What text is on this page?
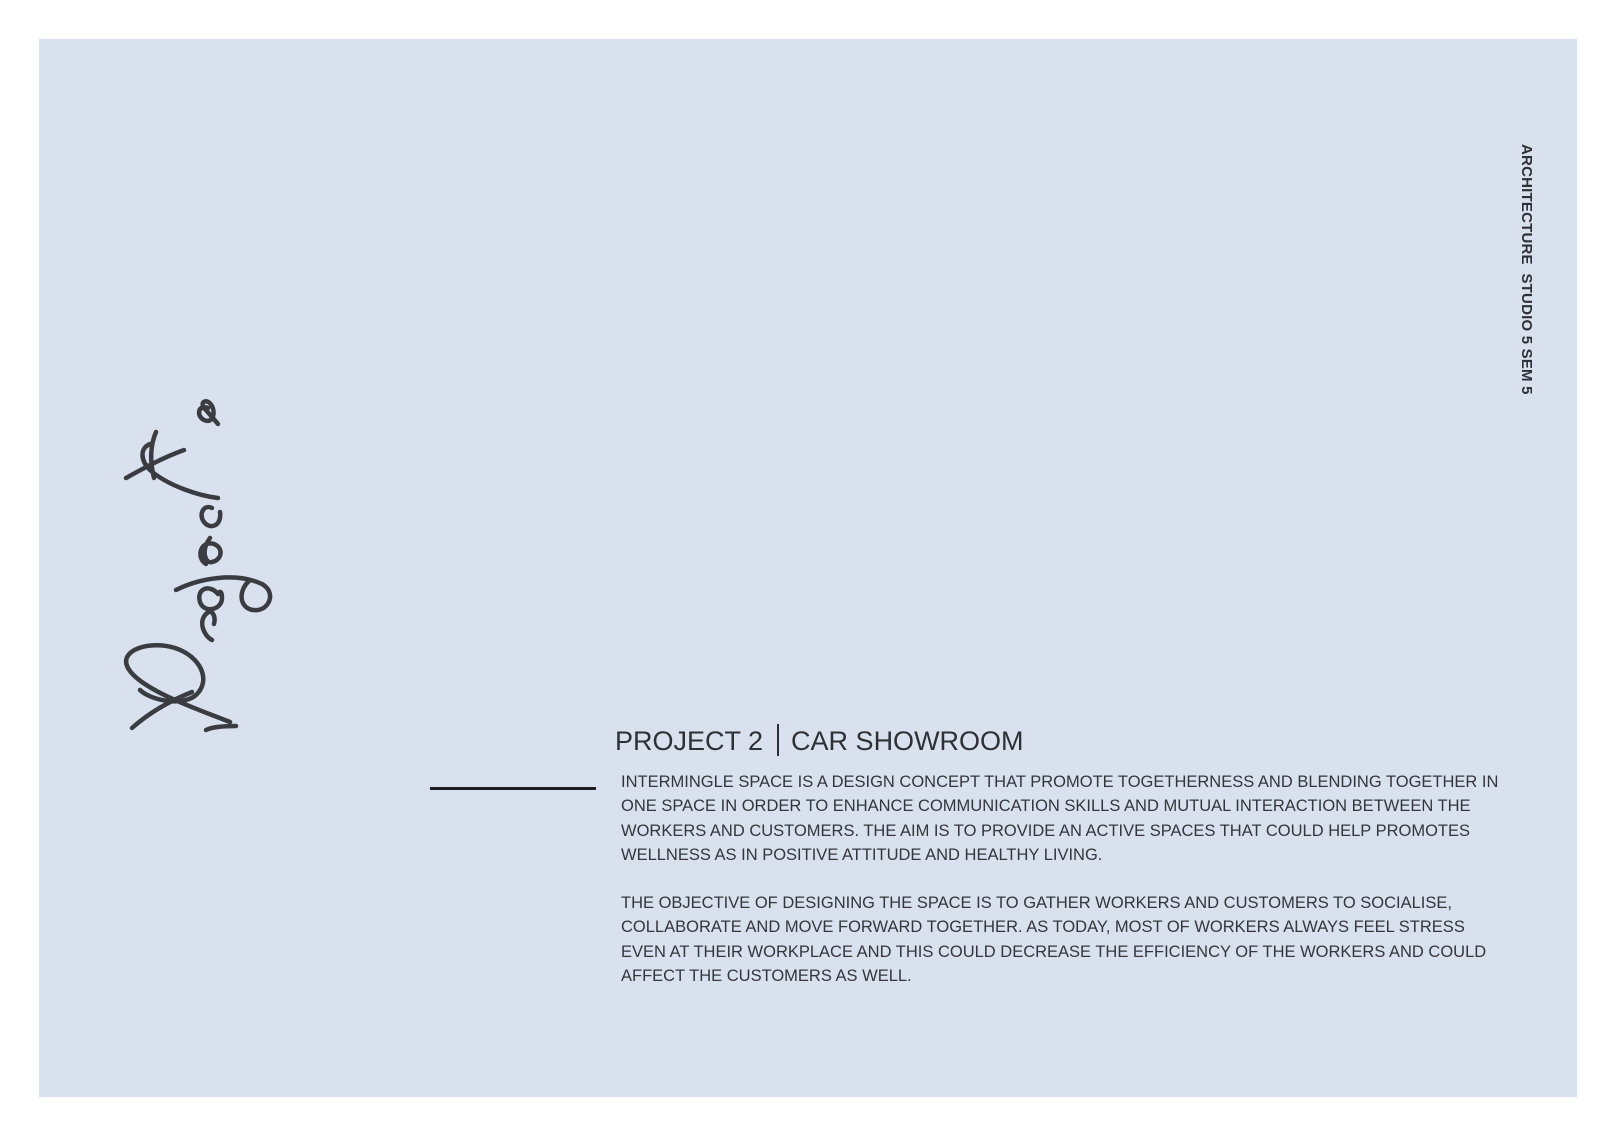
ARCHITECTURE  STUDIO 5 SEM 5
PROJECT 2 CAR SHOWROOM

INTERMINGLE SPACE IS A DESIGN CONCEPT THAT PROMOTE TOGETHERNESS AND BLENDING TOGETHER IN ONE SPACE IN ORDER TO ENHANCE COMMUNICATION SKILLS AND MUTUAL INTERACTION BETWEEN THE WORKERS AND CUSTOMERS. THE AIM IS TO PROVIDE AN ACTIVE SPACES THAT COULD HELP PROMOTES WELLNESS AS IN POSITIVE ATTITUDE AND HEALTHY LIVING.

THE OBJECTIVE OF DESIGNING THE SPACE IS TO GATHER WORKERS AND CUSTOMERS TO SOCIALISE, COLLABORATE AND MOVE FORWARD TOGETHER. AS TODAY, MOST OF WORKERS ALWAYS FEEL STRESS EVEN AT THEIR WORKPLACE AND THIS COULD DECREASE THE EFFICIENCY OF THE WORKERS AND COULD AFFECT THE CUSTOMERS AS WELL.
